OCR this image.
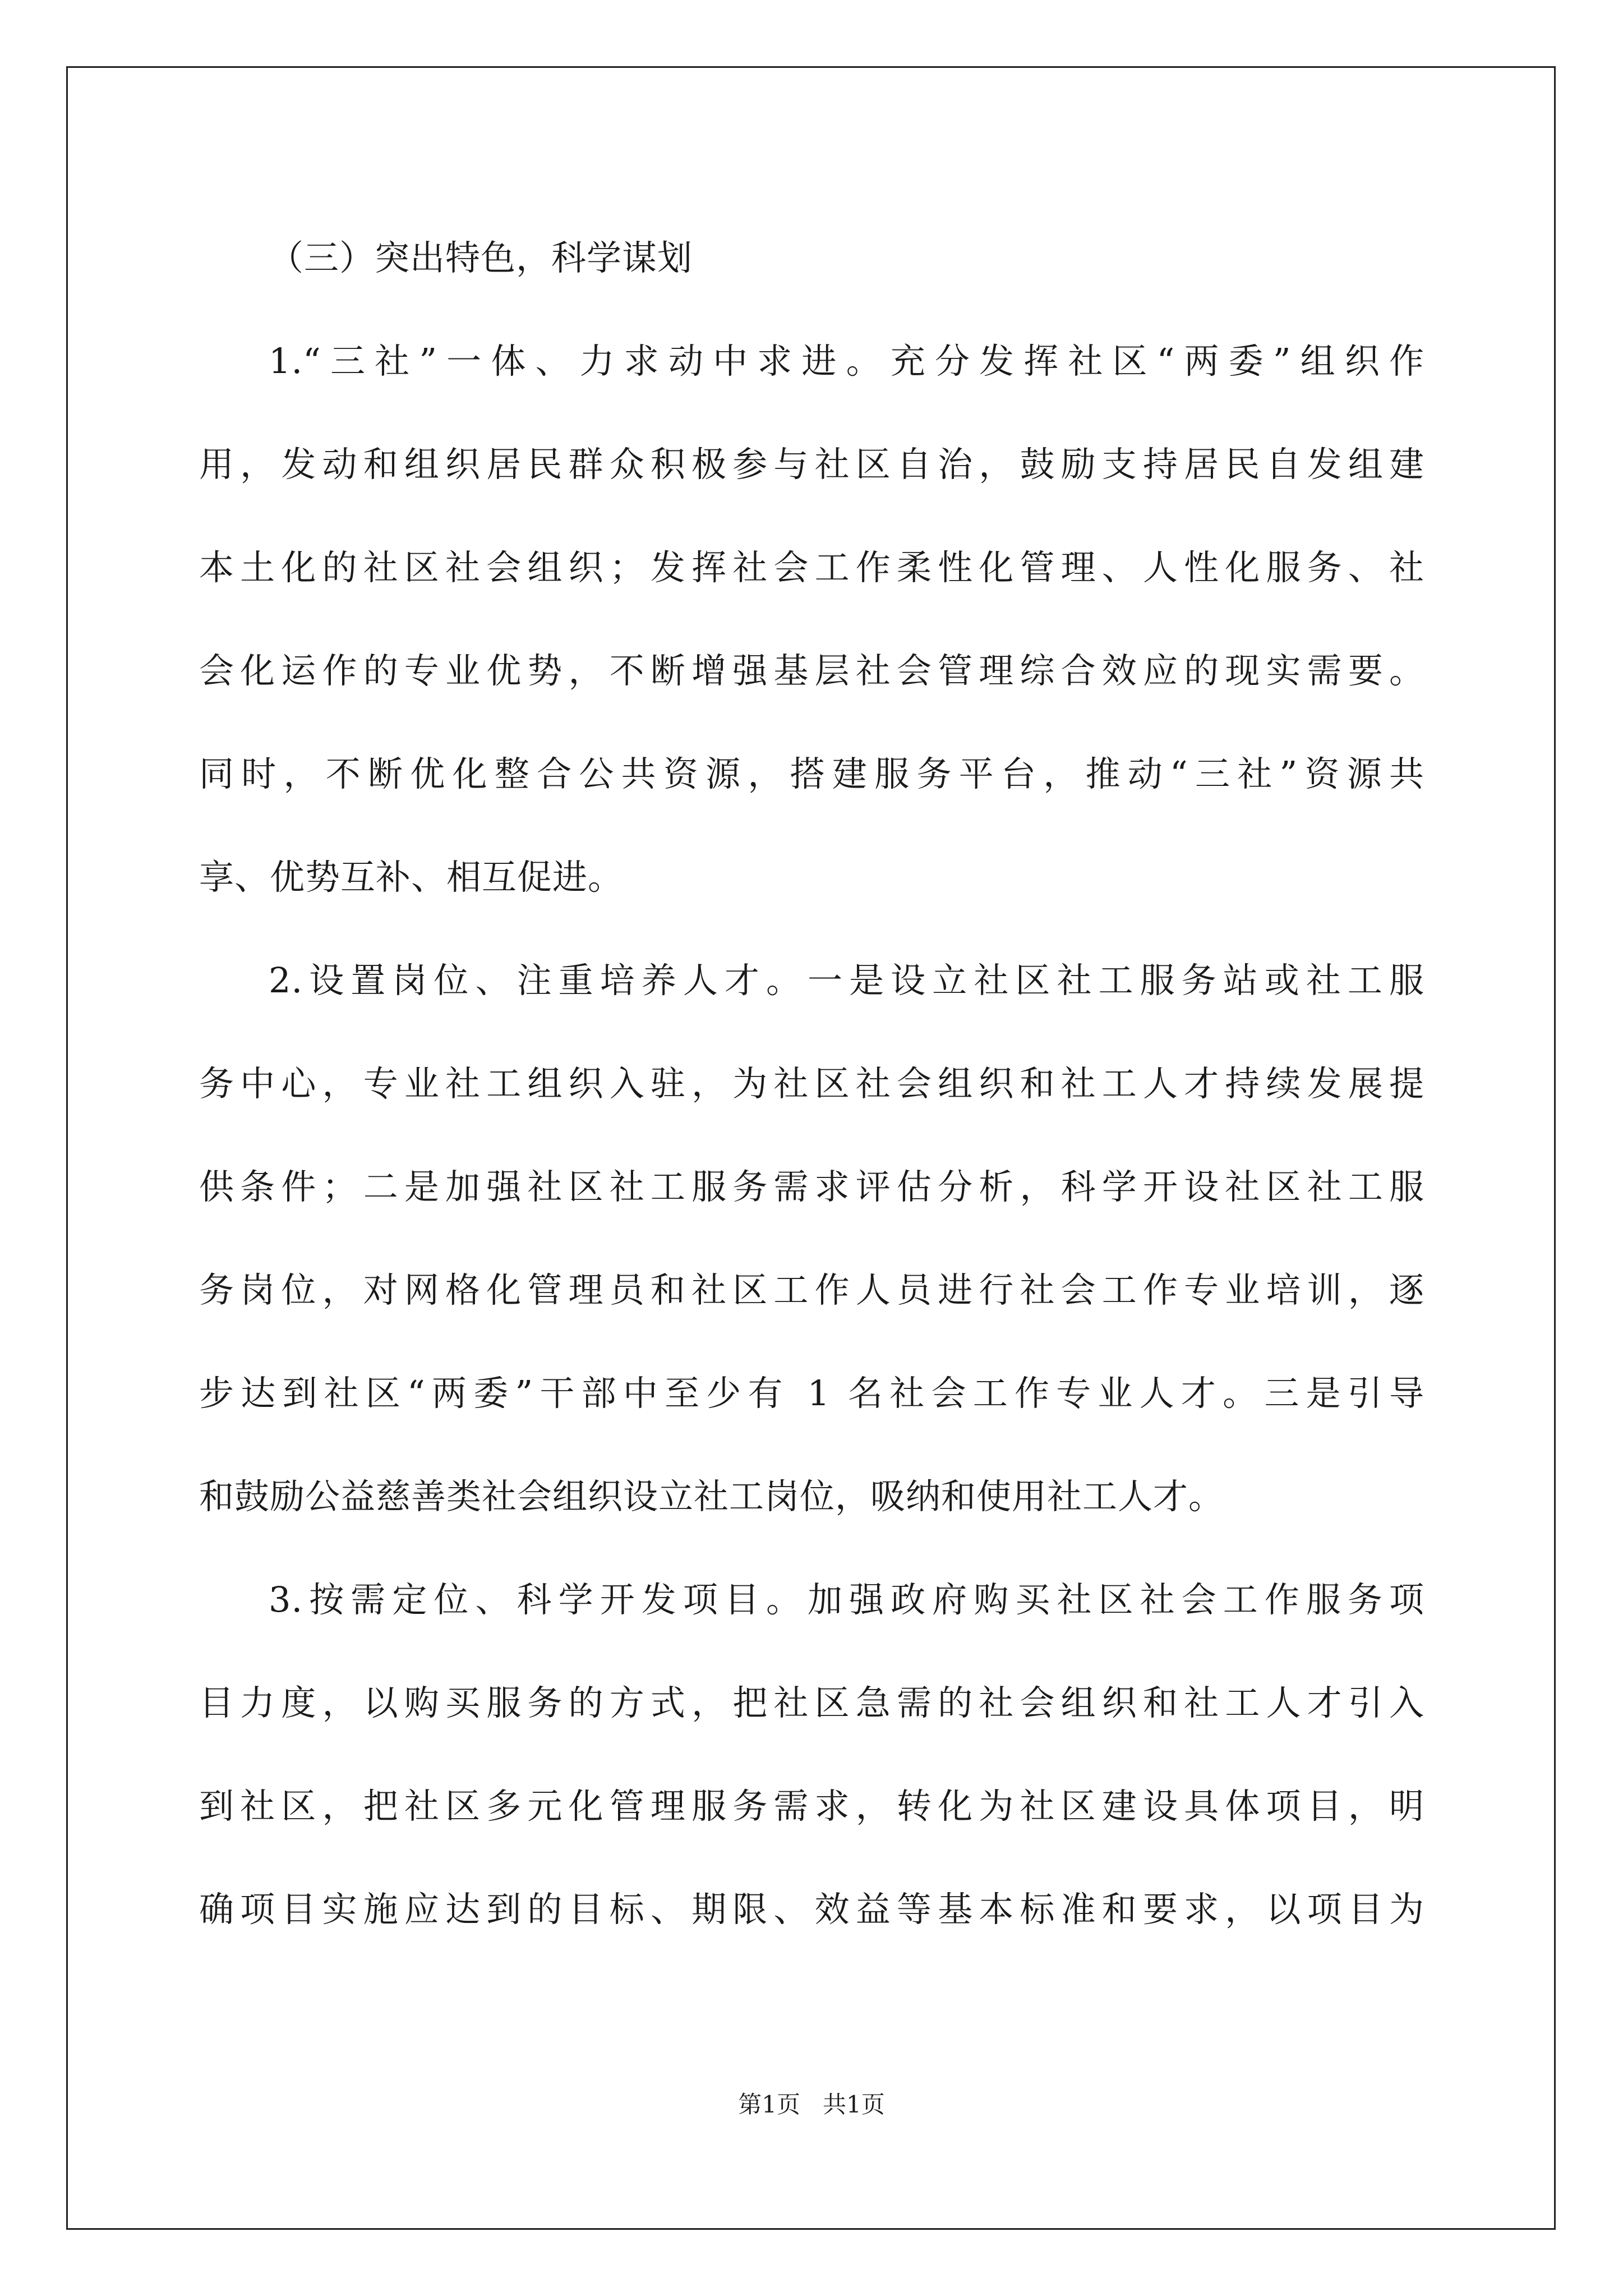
（三）突出特色，科学谋划
1.“三社”一体、力求动中求进。充分发挥社区“两委”组织作
用，发动和组织居民群众积极参与社区自治，鼓励支持居民自发组建
本土化的社区社会组织；发挥社会工作柔性化管理、人性化服务、社
会化运作的专业优势，不断增强基层社会管理综合效应的现实需要。
同时，不断优化整合公共资源，搭建服务平台，推动“三社”资源共
享、优势互补、相互促进。
2.设置岗位、注重培养人才。一是设立社区社工服务站或社工服
务中心，专业社工组织入驻，为社区社会组织和社工人才持续发展提
供条件；二是加强社区社工服务需求评估分析，科学开设社区社工服
务岗位，对网格化管理员和社区工作人员进行社会工作专业培训，逐
步达到社区“两委”干部中至少有 1 名社会工作专业人才。三是引导
和鼓励公益慈善类社会组织设立社工岗位，吸纳和使用社工人才。
3.按需定位、科学开发项目。加强政府购买社区社会工作服务项
目力度，以购买服务的方式，把社区急需的社会组织和社工人才引入
到社区，把社区多元化管理服务需求，转化为社区建设具体项目，明
确项目实施应达到的目标、期限、效益等基本标准和要求，以项目为
第1页   共1页
